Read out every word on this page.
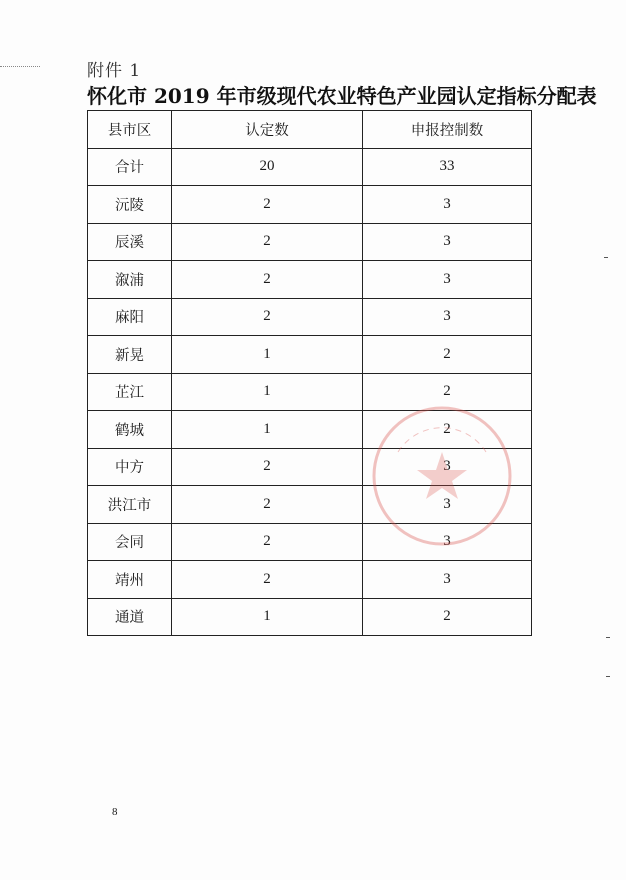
附件 1
怀化市 2019 年市级现代农业特色产业园认定指标分配表
县市区	认定数	申报控制数
合计	20	33
沅陵	2	3
辰溪	2	3
溆浦	2	3
麻阳	2	3
新晃	1	2
芷江	1	2
鹤城	1	2
中方	2	3
洪江市	2	3
会同	2	3
靖州	2	3
通道	1	2
8
